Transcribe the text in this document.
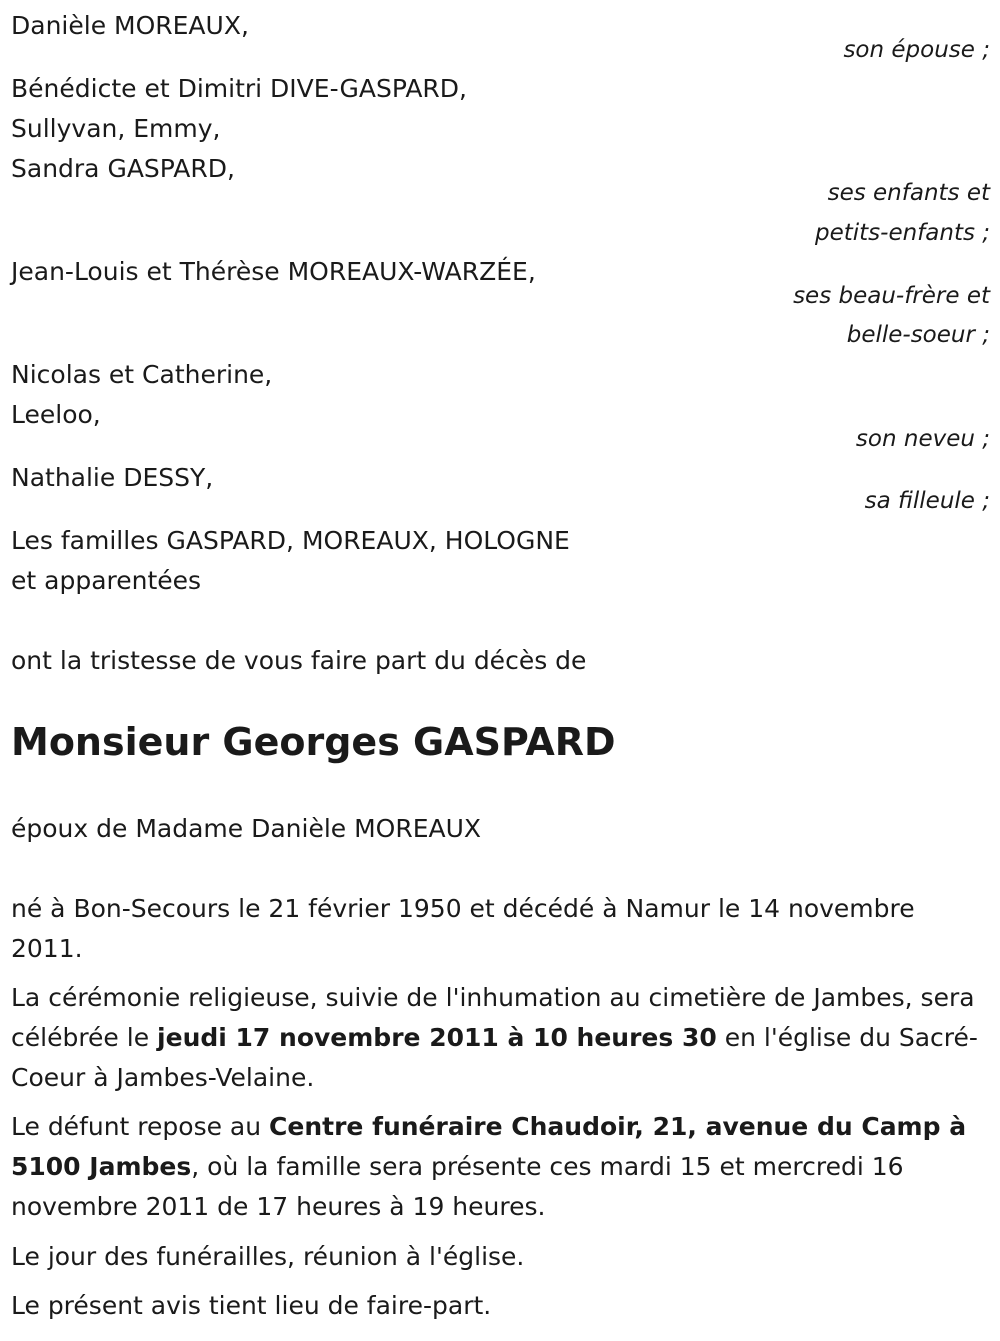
Danièle MOREAUX,
son épouse ;
Bénédicte et Dimitri DIVE-GASPARD,
Sullyvan, Emmy,
Sandra GASPARD,
ses enfants et
petits-enfants ;
Jean-Louis et Thérèse MOREAUX-WARZÉE,
ses beau-frère et
belle-soeur ;
Nicolas et Catherine,
Leeloo,
son neveu ;
Nathalie DESSY,
sa filleule ;
Les familles GASPARD, MOREAUX, HOLOGNE
et apparentées
ont la tristesse de vous faire part du décès de
Monsieur Georges GASPARD
époux de Madame Danièle MOREAUX
né à Bon-Secours le 21 février 1950 et décédé à Namur le 14 novembre 2011.
La cérémonie religieuse, suivie de l'inhumation au cimetière de Jambes, sera célébrée le jeudi 17 novembre 2011 à 10 heures 30 en l'église du Sacré-Coeur à Jambes-Velaine.
Le défunt repose au Centre funéraire Chaudoir, 21, avenue du Camp à 5100 Jambes, où la famille sera présente ces mardi 15 et mercredi 16 novembre 2011 de 17 heures à 19 heures.
Le jour des funérailles, réunion à l'église.
Le présent avis tient lieu de faire-part.
